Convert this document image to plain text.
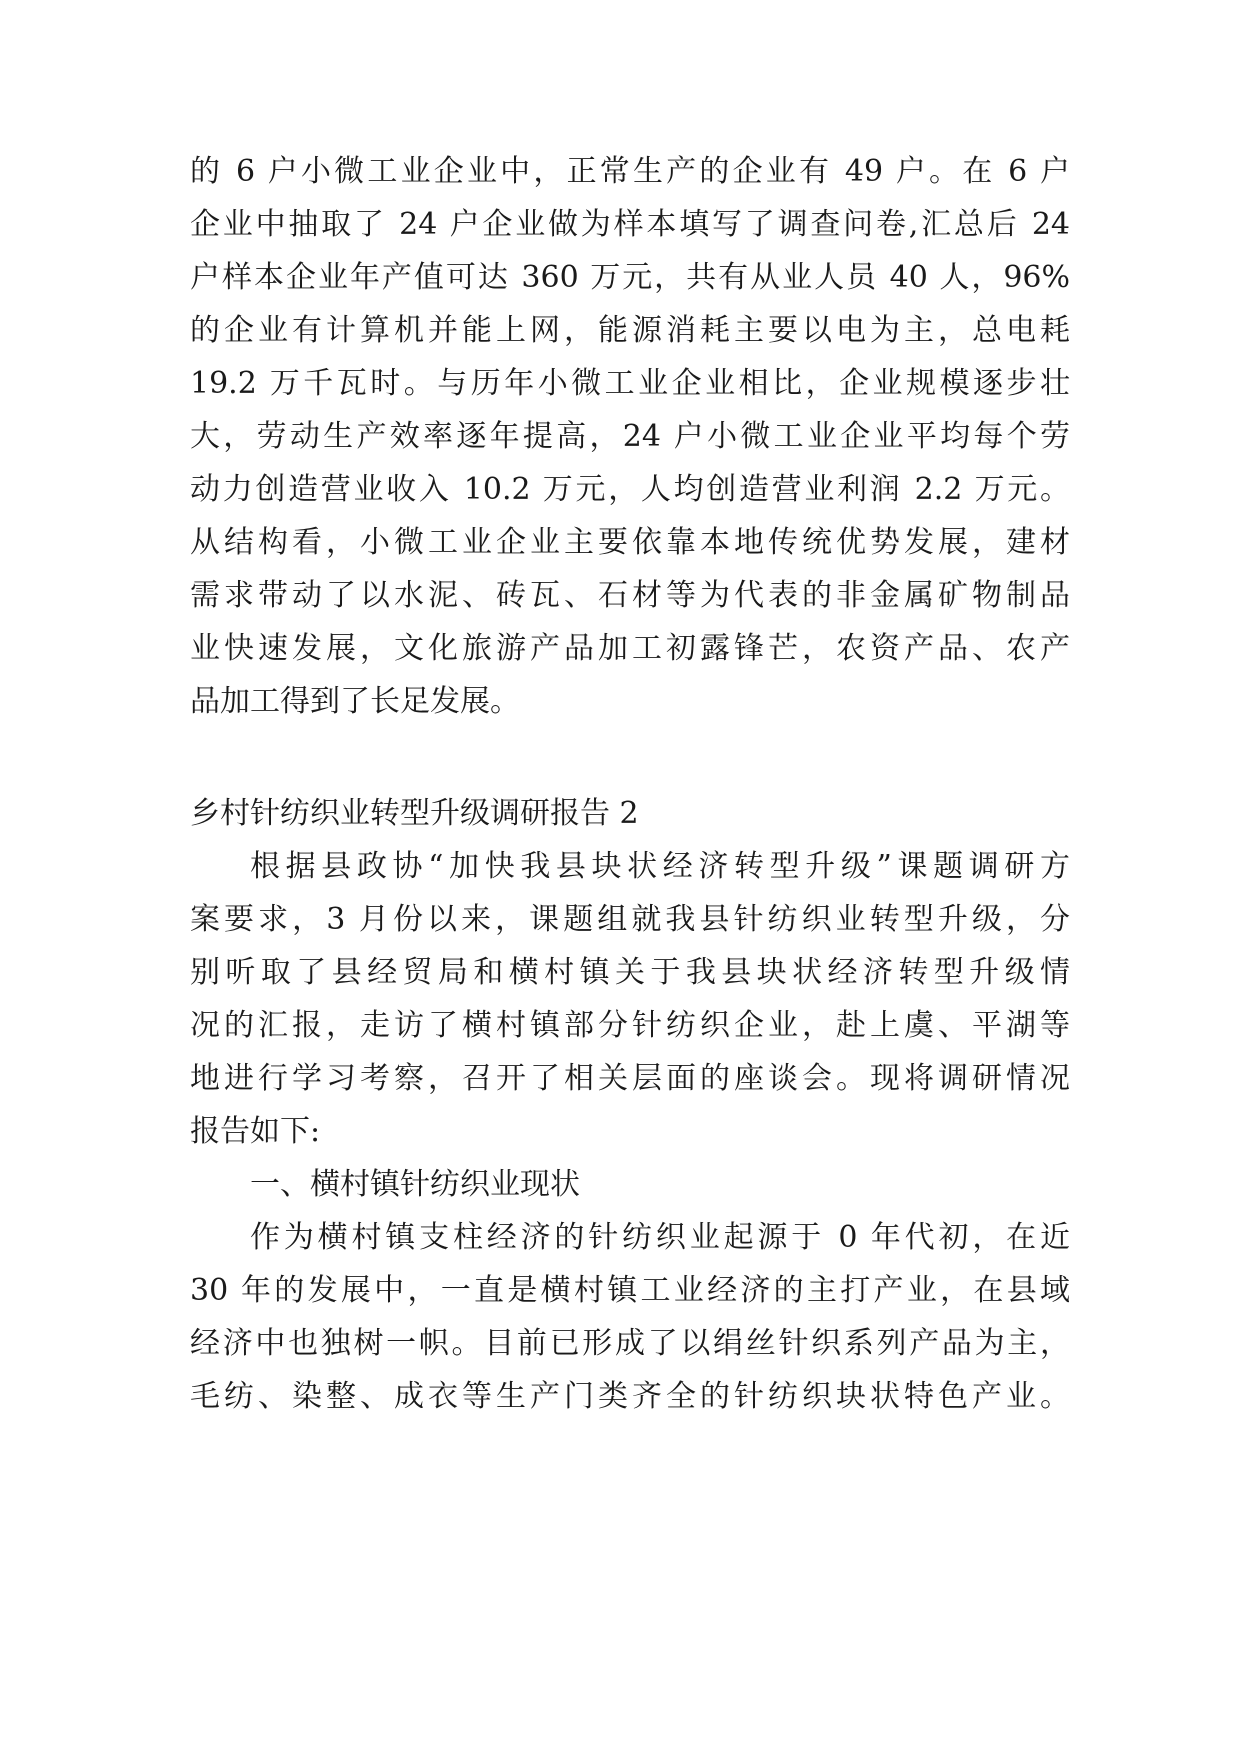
的 6 户小微工业企业中，正常生产的企业有 49 户。在 6 户
企业中抽取了 24 户企业做为样本填写了调查问卷,汇总后 24
户样本企业年产值可达 360 万元，共有从业人员 40 人，96%
的企业有计算机并能上网，能源消耗主要以电为主，总电耗
19.2 万千瓦时。与历年小微工业企业相比，企业规模逐步壮
大，劳动生产效率逐年提高，24 户小微工业企业平均每个劳
动力创造营业收入 10.2 万元，人均创造营业利润 2.2 万元。
从结构看，小微工业企业主要依靠本地传统优势发展，建材
需求带动了以水泥、砖瓦、石材等为代表的非金属矿物制品
业快速发展，文化旅游产品加工初露锋芒，农资产品、农产
品加工得到了长足发展。
乡村针纺织业转型升级调研报告 2
根据县政协“加快我县块状经济转型升级”课题调研方
案要求，3 月份以来，课题组就我县针纺织业转型升级，分
别听取了县经贸局和横村镇关于我县块状经济转型升级情
况的汇报，走访了横村镇部分针纺织企业，赴上虞、平湖等
地进行学习考察，召开了相关层面的座谈会。现将调研情况
报告如下:
一、横村镇针纺织业现状
作为横村镇支柱经济的针纺织业起源于 0 年代初，在近
30 年的发展中，一直是横村镇工业经济的主打产业，在县域
经济中也独树一帜。目前已形成了以绢丝针织系列产品为主，
毛纺、染整、成衣等生产门类齐全的针纺织块状特色产业。
